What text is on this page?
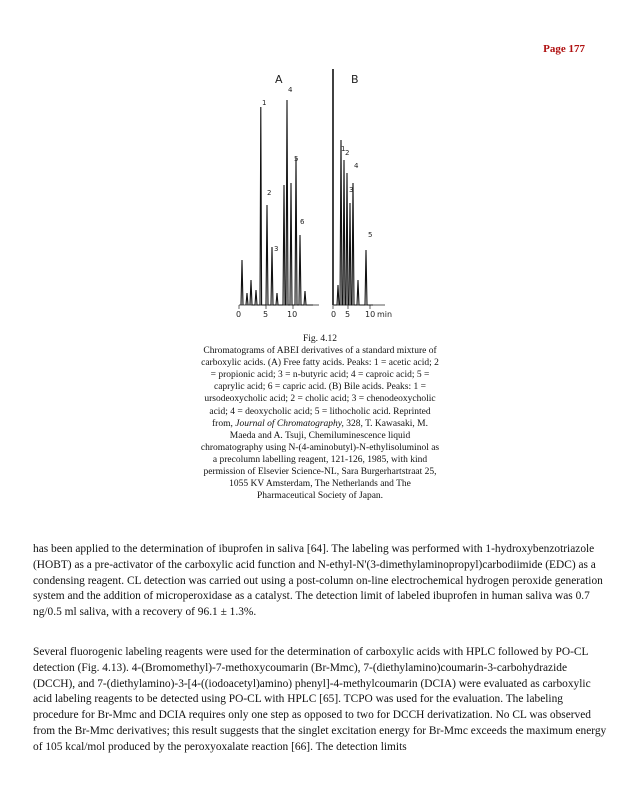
Page 177
A
0	5 10
1
2
3
4
5
6
B
0 5 10 min
1 2
3
4
5
Fig. 4.12
Chromatograms of ABEI derivatives of a standard mixture of carboxylic acids. (A) Free fatty acids. Peaks: 1 = acetic acid; 2 = propionic acid; 3 = n-butyric acid; 4 = caproic acid; 5 = caprylic acid; 6 = capric acid. (B) Bile acids. Peaks: 1 = ursodeoxycholic acid; 2 = cholic acid; 3 = chenodeoxycholic acid; 4 = deoxycholic acid; 5 = lithocholic acid. Reprinted from, Journal of Chromatography, 328, T. Kawasaki, M. Maeda and A. Tsuji, Chemiluminescence liquid chromatography using N-(4-aminobutyl)-N-ethylisoluminol as a precolumn labelling reagent, 121-126, 1985, with kind permission of Elsevier Science-NL, Sara Burgerhartstraat 25, 1055 KV Amsterdam, The Netherlands and The Pharmaceutical Society of Japan.

has been applied to the determination of ibuprofen in saliva [64]. The labeling was performed with 1-hydroxybenzotriazole (HOBT) as a pre-activator of the carboxylic acid function and N-ethyl-N'(3-dimethylaminopropyl)carbodiimide (EDC) as a condensing reagent. CL detection was carried out using a post-column on-line electrochemical hydrogen peroxide generation system and the addition of microperoxidase as a catalyst. The detection limit of labeled ibuprofen in human saliva was 0.7 ng/0.5 ml saliva, with a recovery of 96.1 ± 1.3%.

Several fluorogenic labeling reagents were used for the determination of carboxylic acids with HPLC followed by PO-CL detection (Fig. 4.13). 4-(Bromomethyl)-7-methoxycoumarin (Br-Mmc), 7-(diethylamino)coumarin-3-carbohydrazide (DCCH), and 7-(diethylamino)-3-[4-((iodoacetyl)amino) phenyl]-4-methylcoumarin (DCIA) were evaluated as carboxylic acid labeling reagents to be detected using PO-CL with HPLC [65]. TCPO was used for the evaluation. The labeling procedure for Br-Mmc and DCIA requires only one step as opposed to two for DCCH derivatization. No CL was observed from the Br-Mmc derivatives; this result suggests that the singlet excitation energy for Br-Mmc exceeds the maximum energy of 105 kcal/mol produced by the peroxyoxalate reaction [66]. The detection limits
